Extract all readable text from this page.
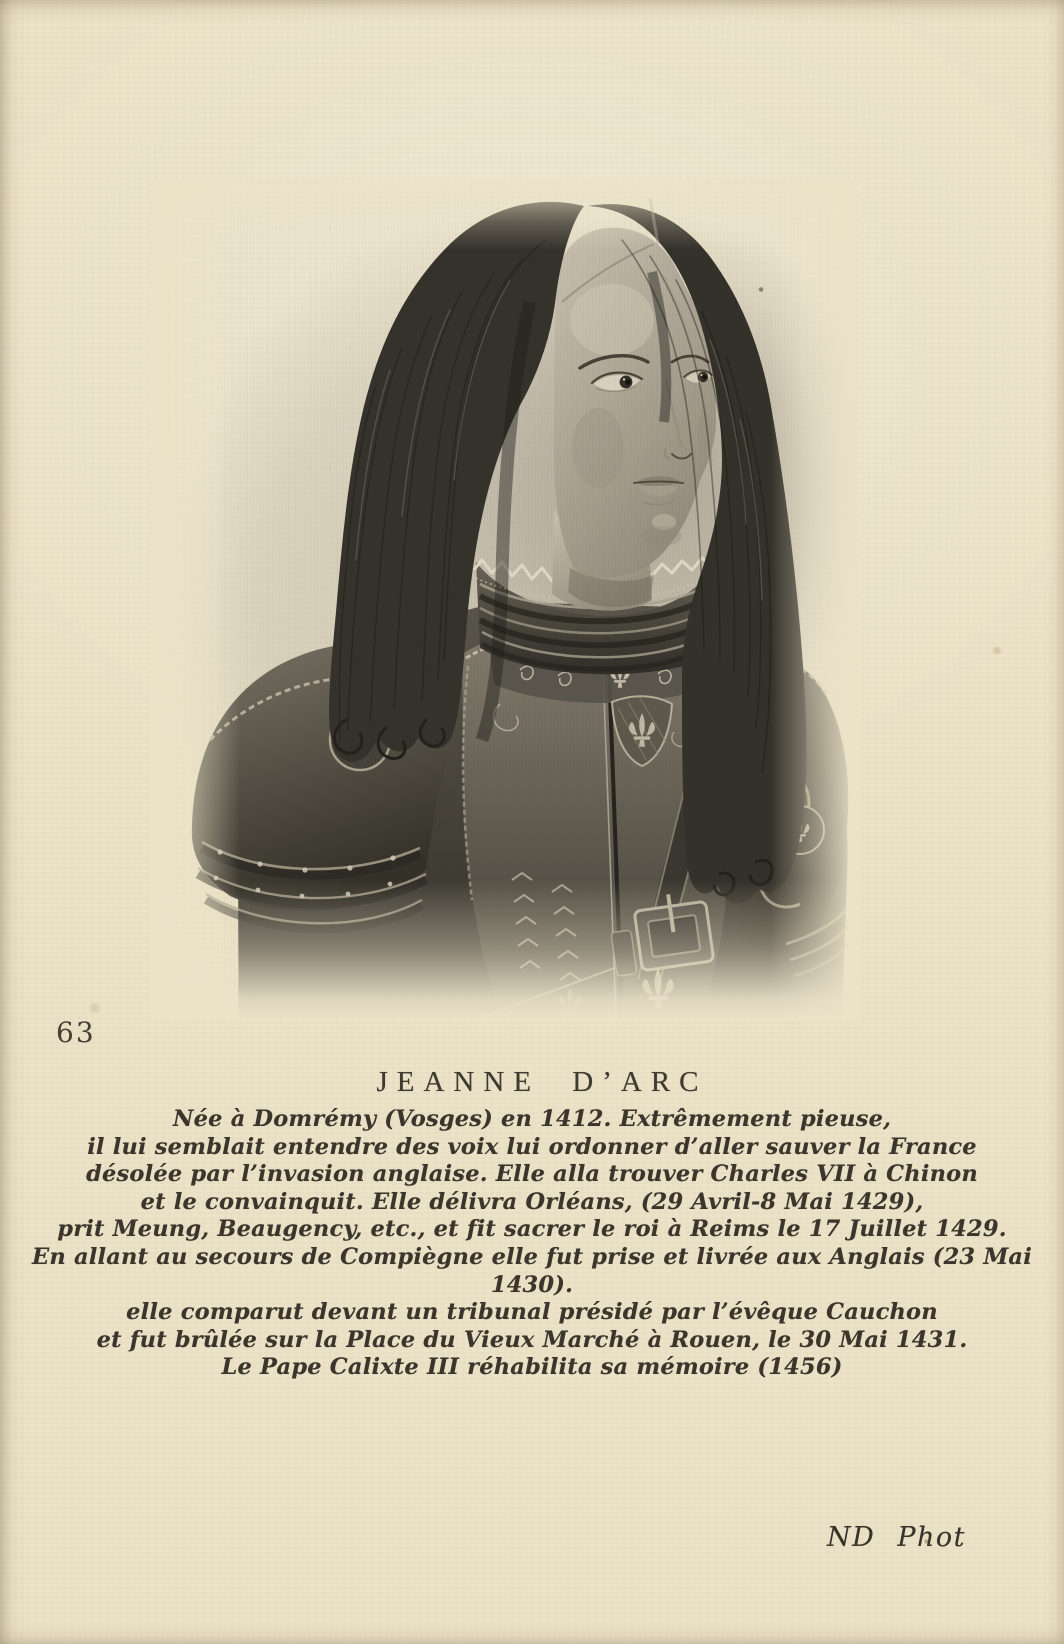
63
JEANNE D’ARC
Née à Domrémy (Vosges) en 1412. Extrêmement pieuse,
il lui semblait entendre des voix lui ordonner d’aller sauver la France
désolée par l’invasion anglaise. Elle alla trouver Charles VII à Chinon
et le convainquit. Elle délivra Orléans, (29 Avril-8 Mai 1429),
prit Meung, Beaugency, etc., et fit sacrer le roi à Reims le 17 Juillet 1429.
En allant au secours de Compiègne elle fut prise et livrée aux Anglais (23 Mai 1430).
elle comparut devant un tribunal présidé par l’évêque Cauchon
et fut brûlée sur la Place du Vieux Marché à Rouen, le 30 Mai 1431.
Le Pape Calixte III réhabilita sa mémoire (1456)
ND Phot
